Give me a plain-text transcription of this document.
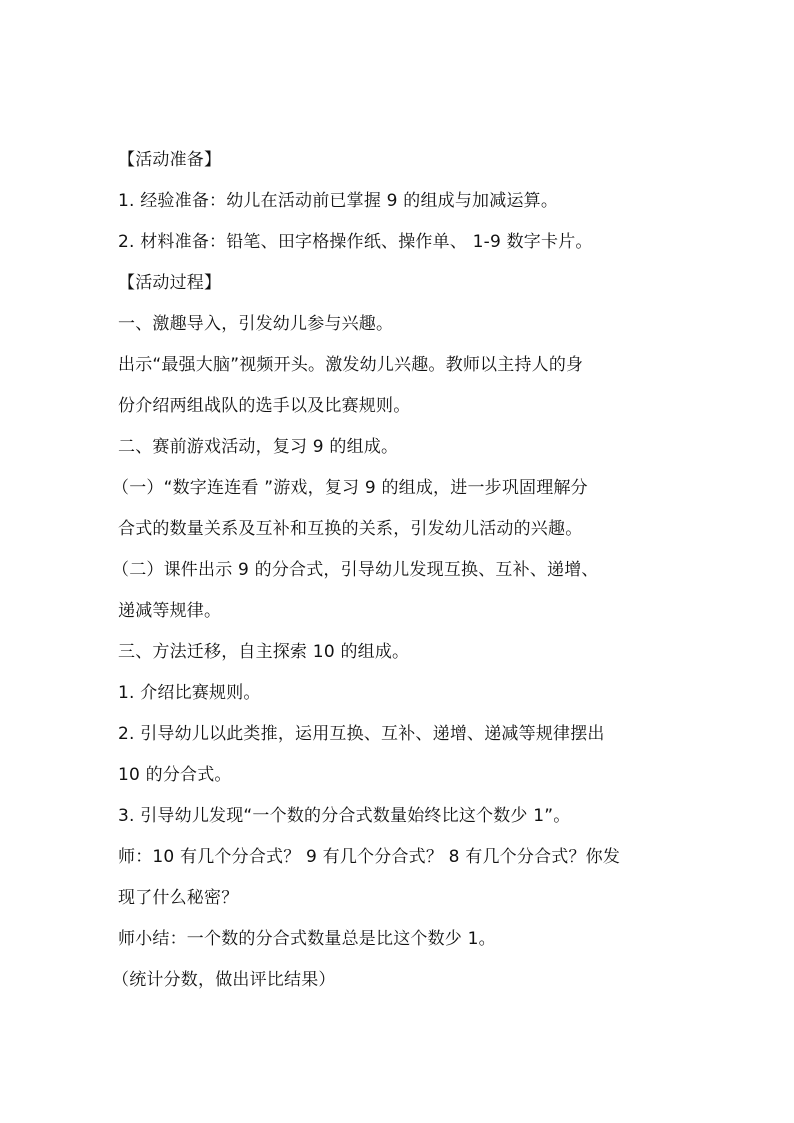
【活动准备】
1. 经验准备：幼儿在活动前已掌握 9 的组成与加减运算。
2. 材料准备：铅笔、田字格操作纸、操作单、 1-9 数字卡片。
【活动过程】
一、激趣导入，引发幼儿参与兴趣。
出示“最强大脑”视频开头。激发幼儿兴趣。教师以主持人的身
份介绍两组战队的选手以及比赛规则。
二、赛前游戏活动，复习 9 的组成。
（一）“数字连连看 ”游戏，复习 9 的组成，进一步巩固理解分
合式的数量关系及互补和互换的关系，引发幼儿活动的兴趣。
（二）课件出示 9 的分合式，引导幼儿发现互换、互补、递增、
递减等规律。
三、方法迁移，自主探索 10 的组成。
1. 介绍比赛规则。
2. 引导幼儿以此类推，运用互换、互补、递增、递减等规律摆出
10 的分合式。
3. 引导幼儿发现“一个数的分合式数量始终比这个数少 1”。
师：10 有几个分合式？ 9 有几个分合式？ 8 有几个分合式？你发
现了什么秘密？
师小结：一个数的分合式数量总是比这个数少 1。
（统计分数，做出评比结果）
